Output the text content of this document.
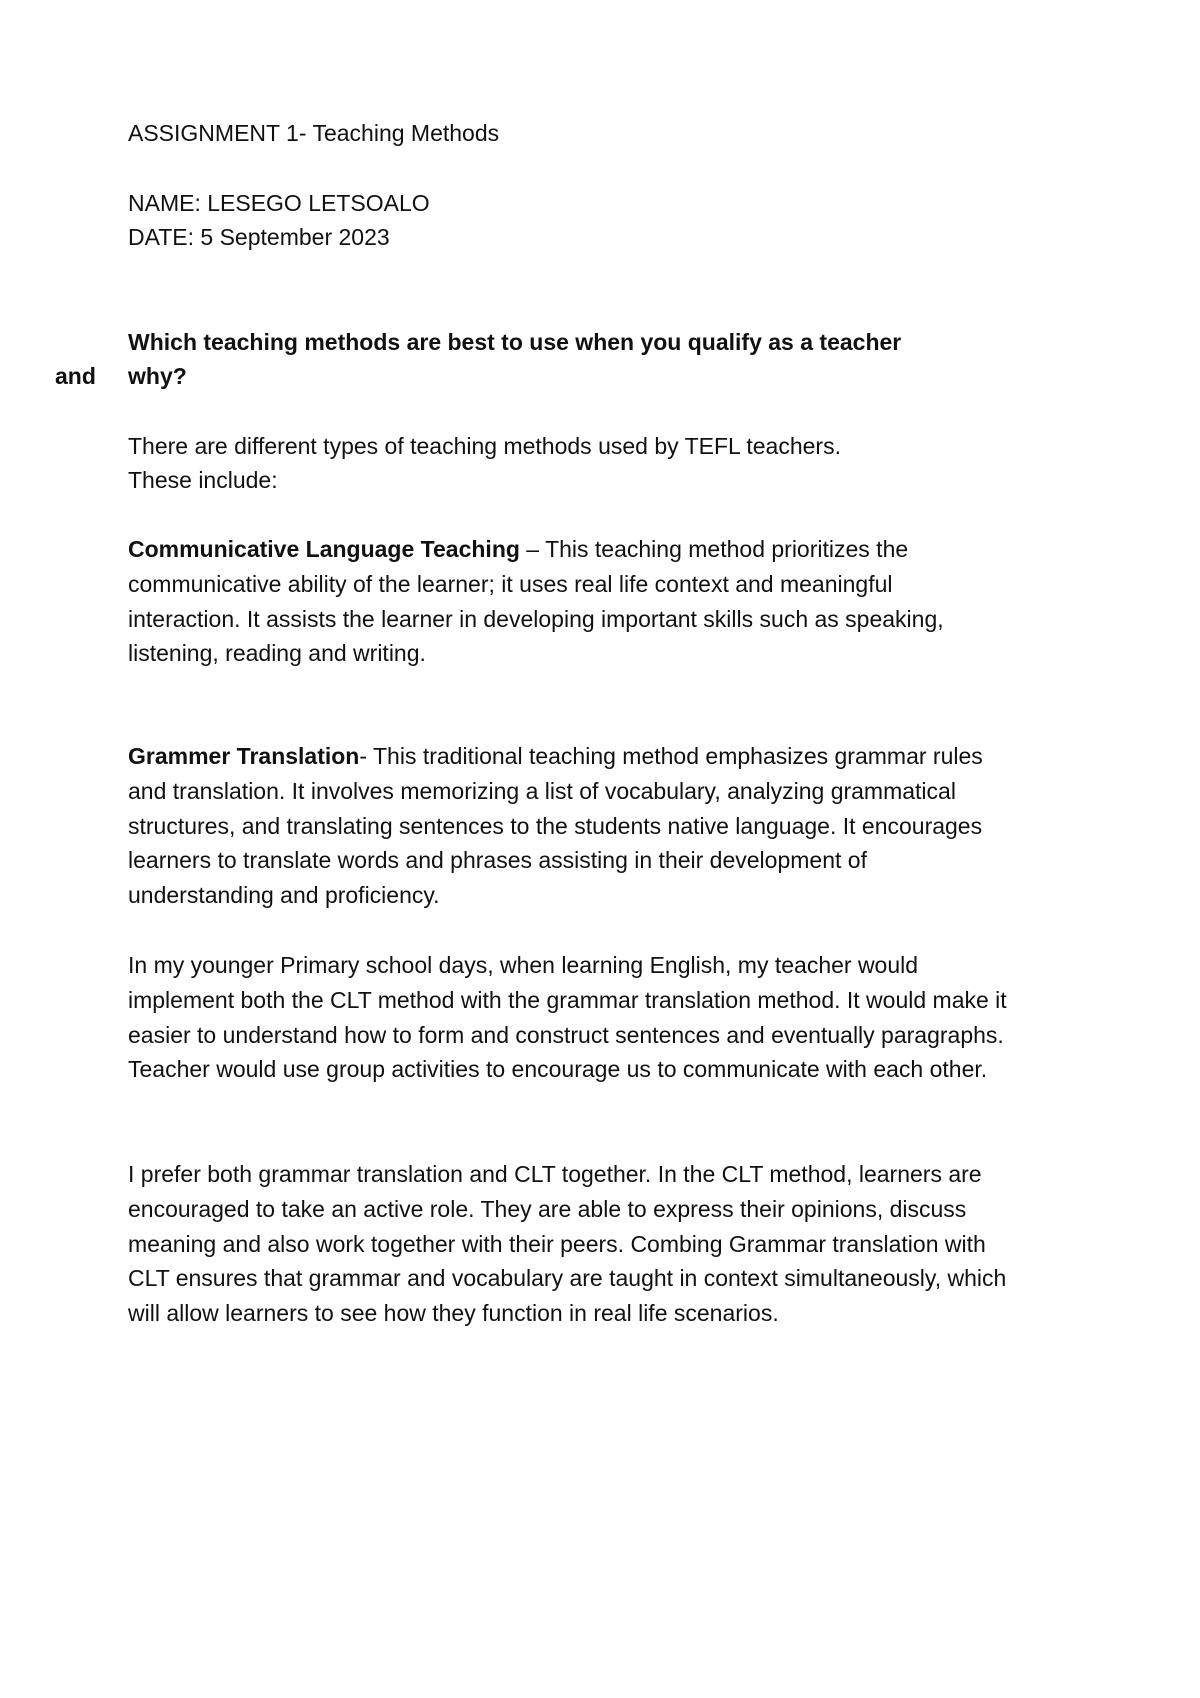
ASSIGNMENT 1- Teaching Methods
NAME: LESEGO LETSOALO
DATE: 5 September 2023
Which teaching methods are best to use when you qualify as a teacher
and why?
There are different types of teaching methods used by TEFL teachers.
These include:

Communicative Language Teaching – This teaching method prioritizes the communicative ability of the learner; it uses real life context and meaningful interaction. It assists the learner in developing important skills such as speaking, listening, reading and writing.

Grammer Translation- This traditional teaching method emphasizes grammar rules and translation. It involves memorizing a list of vocabulary, analyzing grammatical structures, and translating sentences to the students native language. It encourages learners to translate words and phrases assisting in their development of understanding and proficiency.

In my younger Primary school days, when learning English, my teacher would implement both the CLT method with the grammar translation method. It would make it easier to understand how to form and construct sentences and eventually paragraphs. Teacher would use group activities to encourage us to communicate with each other.

I prefer both grammar translation and CLT together. In the CLT method, learners are encouraged to take an active role. They are able to express their opinions, discuss meaning and also work together with their peers. Combing Grammar translation with CLT ensures that grammar and vocabulary are taught in context simultaneously, which will allow learners to see how they function in real life scenarios.
